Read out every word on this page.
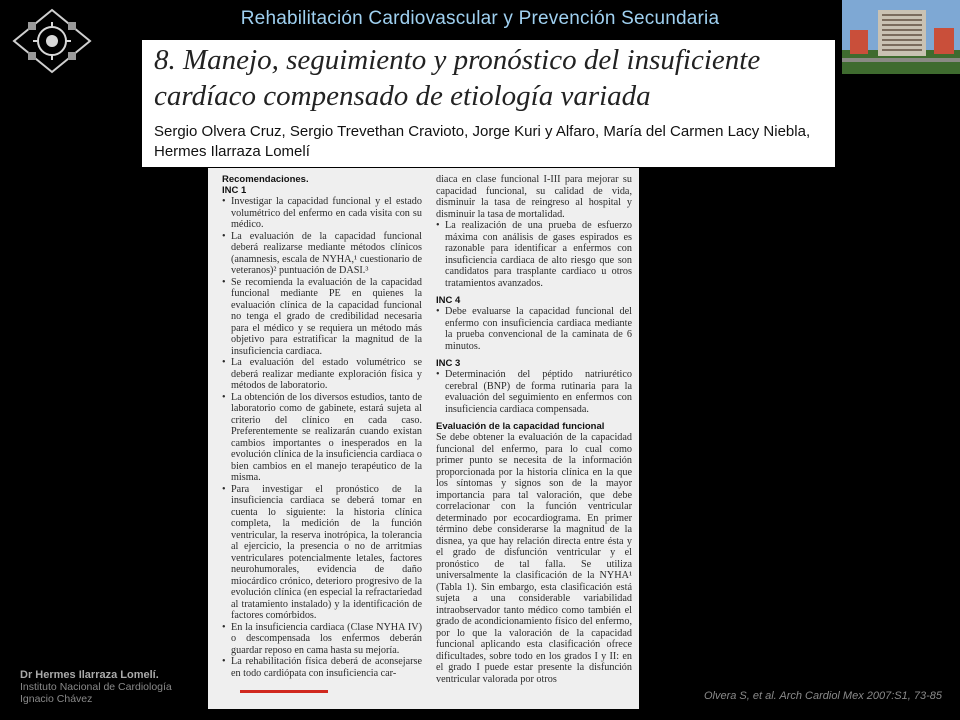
Rehabilitación Cardiovascular y Prevención Secundaria
8. Manejo, seguimiento y pronóstico del insuficiente cardíaco compensado de etiología variada
Sergio Olvera Cruz, Sergio Trevethan Cravioto, Jorge Kuri y Alfaro, María del Carmen Lacy Niebla, Hermes Ilarraza Lomelí

Recomendaciones.

INC 1

• Investigar la capacidad funcional y el estado volumétrico del enfermo en cada visita con su médico.

• La evaluación de la capacidad funcional deberá realizarse mediante métodos clínicos (anamnesis, escala de NYHA,¹ cuestionario de veteranos)² puntuación de DASI.³

• Se recomienda la evaluación de la capacidad funcional mediante PE en quienes la evaluación clínica de la capacidad funcional no tenga el grado de credibilidad necesaria para el médico y se requiera un método más objetivo para estratificar la magnitud de la insuficiencia cardiaca.

• La evaluación del estado volumétrico se deberá realizar mediante exploración física y métodos de laboratorio.

• La obtención de los diversos estudios, tanto de laboratorio como de gabinete, estará sujeta al criterio del clínico en cada caso. Preferentemente se realizarán cuando existan cambios importantes o inesperados en la evolución clínica de la insuficiencia cardiaca o bien cambios en el manejo terapéutico de la misma.

• Para investigar el pronóstico de la insuficiencia cardiaca se deberá tomar en cuenta lo siguiente: la historia clínica completa, la medición de la función ventricular, la reserva inotrópica, la tolerancia al ejercicio, la presencia o no de arritmias ventriculares potencialmente letales, factores neurohumorales, evidencia de daño miocárdico crónico, deterioro progresivo de la evolución clínica (en especial la refractariedad al tratamiento instalado) y la identificación de factores comórbidos.

• En la insuficiencia cardiaca (Clase NYHA IV) o descompensada los enfermos deberán guardar reposo en cama hasta su mejoría.

• La rehabilitación física deberá de aconsejarse en todo cardiópata con insuficiencia car-

diaca en clase funcional I-III para mejorar su capacidad funcional, su calidad de vida, disminuir la tasa de reingreso al hospital y disminuir la tasa de mortalidad.

• La realización de una prueba de esfuerzo máxima con análisis de gases espirados es razonable para identificar a enfermos con insuficiencia cardiaca de alto riesgo que son candidatos para trasplante cardiaco u otros tratamientos avanzados.

INC 4

• Debe evaluarse la capacidad funcional del enfermo con insuficiencia cardiaca mediante la prueba convencional de la caminata de 6 minutos.

INC 3

• Determinación del péptido natriurético cerebral (BNP) de forma rutinaria para la evaluación del seguimiento en enfermos con insuficiencia cardiaca compensada.

Evaluación de la capacidad funcional

Se debe obtener la evaluación de la capacidad funcional del enfermo, para lo cual como primer punto se necesita de la información proporcionada por la historia clínica en la que los síntomas y signos son de la mayor importancia para tal valoración, que debe correlacionar con la función ventricular determinado por ecocardiograma. En primer término debe considerarse la magnitud de la disnea, ya que hay relación directa entre ésta y el grado de disfunción ventricular y el pronóstico de tal falla. Se utiliza universalmente la clasificación de la NYHA¹ (Tabla 1). Sin embargo, esta clasificación está sujeta a una considerable variabilidad intraobservador tanto médico como también el grado de acondicionamiento físico del enfermo, por lo que la valoración de la capacidad funcional aplicando esta clasificación ofrece dificultades, sobre todo en los grados I y II: en el grado I puede estar presente la disfunción ventricular valorada por otros

Dr Hermes Ilarraza Lomelí.
Instituto Nacional de Cardiología
Ignacio Chávez	Olvera S, et al. Arch Cardiol Mex 2007:S1, 73-85
